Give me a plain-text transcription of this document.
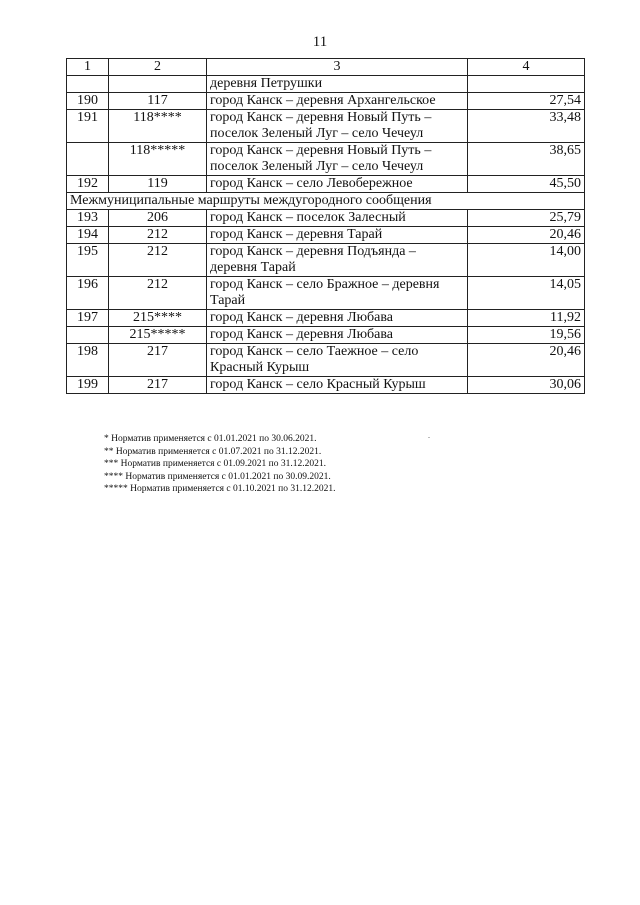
11
1	2	3	4
		деревня Петрушки	
190	117	город Канск – деревня Архангельское	27,54
191	118****	город Канск – деревня Новый Путь – поселок Зеленый Луг – село Чечеул	33,48
	118*****	город Канск – деревня Новый Путь – поселок Зеленый Луг – село Чечеул	38,65
192	119	город Канск – село Левобережное	45,50
Межмуниципальные маршруты междугородного сообщения			
193	206	город Канск – поселок Залесный	25,79
194	212	город Канск – деревня Тарай	20,46
195	212	город Канск – деревня Подъянда – деревня Тарай	14,00
196	212	город Канск – село Бражное – деревня Тарай	14,05
197	215****	город Канск – деревня Любава	11,92
	215*****	город Канск – деревня Любава	19,56
198	217	город Канск – село Таежное – село Красный Курыш	20,46
199	217	город Канск – село Красный Курыш	30,06
* Норматив применяется с 01.01.2021 по 30.06.2021.
** Норматив применяется с 01.07.2021 по 31.12.2021.
*** Норматив применяется с 01.09.2021 по 31.12.2021.
**** Норматив применяется с 01.01.2021 по 30.09.2021.
***** Норматив применяется с 01.10.2021 по 31.12.2021.
